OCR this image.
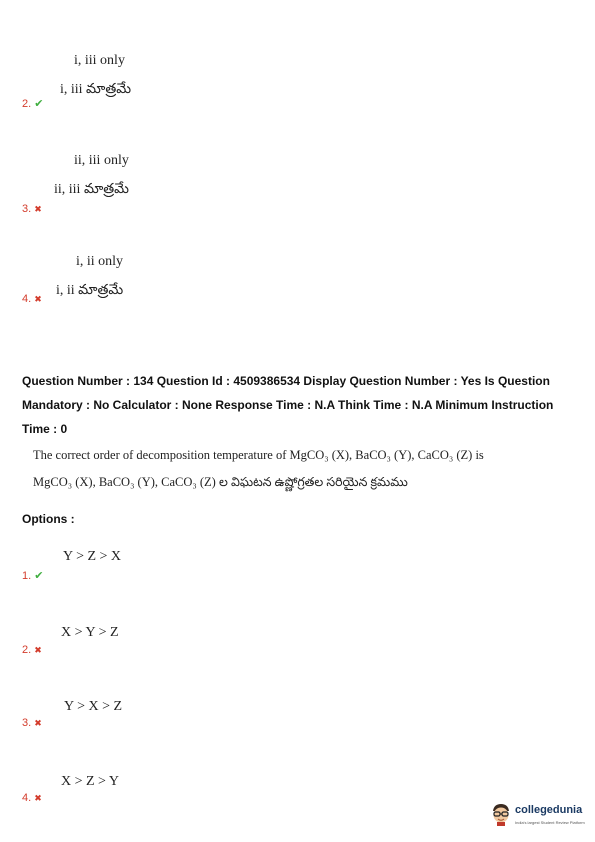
i, iii only
i, iii మాత్రమే
2. ✔
ii, iii only
ii, iii మాత్రమే
3. ✖
i, ii only
i, ii మాత్రమే
4. ✖
Question Number : 134 Question Id : 4509386534 Display Question Number : Yes Is Question
Mandatory : No Calculator : None Response Time : N.A Think Time : N.A Minimum Instruction
Time : 0
The correct order of decomposition temperature of MgCO₃ (X), BaCO₃ (Y), CaCO₃ (Z) is
MgCO₃ (X), BaCO₃ (Y), CaCO₃ (Z) ల విఘటన ఉష్ణోగ్రతల సరియైన క్రమము
Options :
Y > Z > X
1. ✔
X > Y > Z
2. ✖
Y > X > Z
3. ✖
X > Z > Y
4. ✖
collegedunia
India's largest Student Review Platform
